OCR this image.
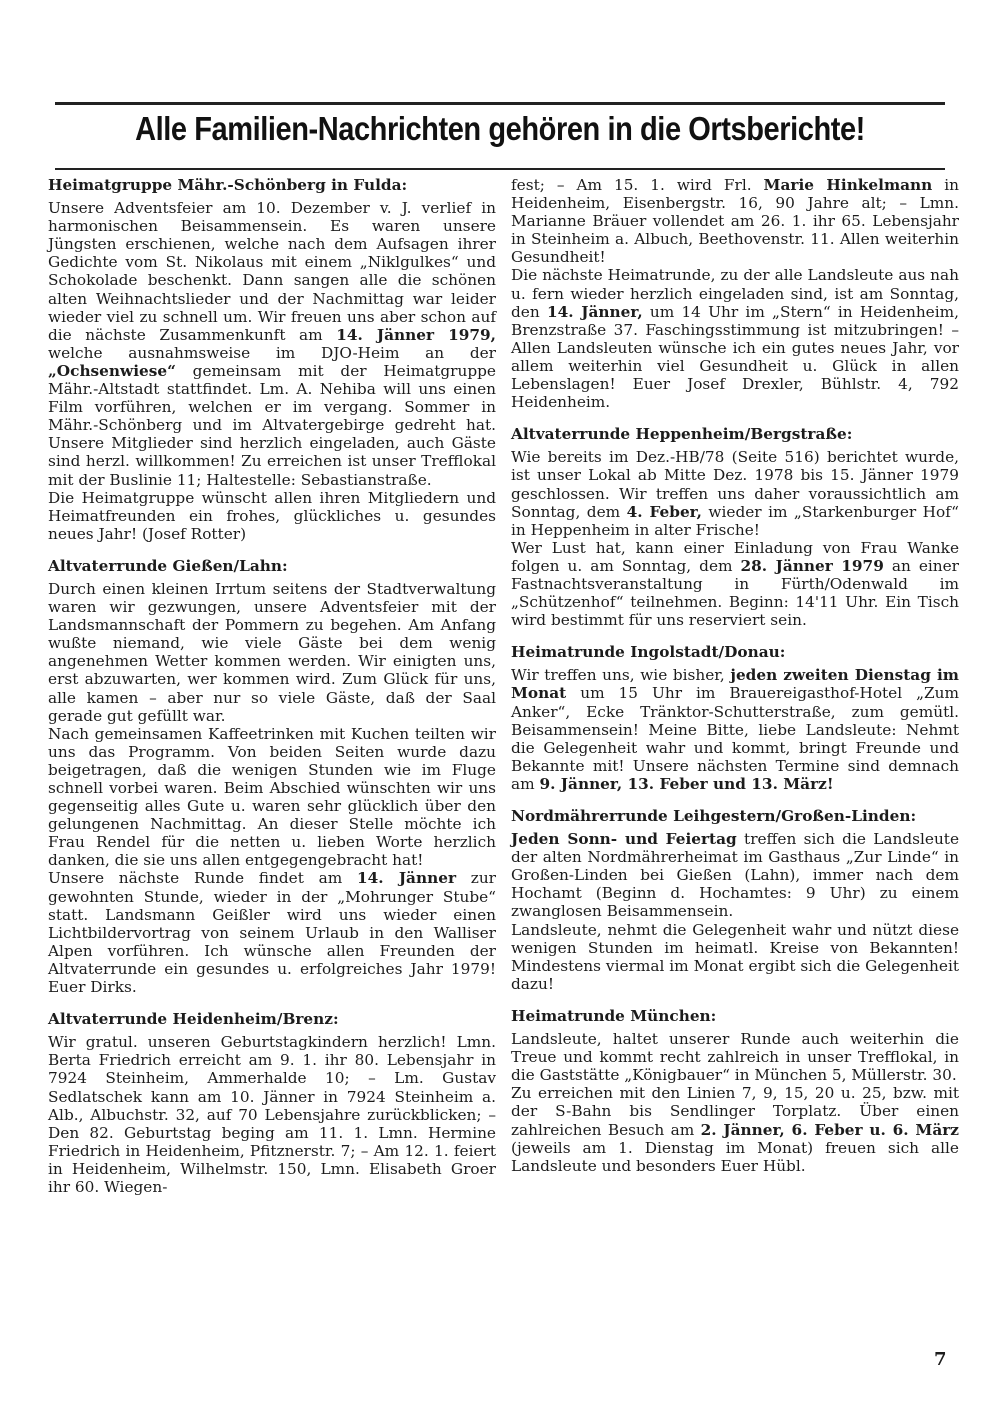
Alle Familien-Nachrichten gehören in die Ortsberichte!
Heimatgruppe Mähr.-Schönberg in Fulda:

Unsere Adventsfeier am 10. Dezember v. J. verlief in harmonischen Beisammensein. Es waren unsere Jüngsten erschienen, welche nach dem Aufsagen ihrer Gedichte vom St. Nikolaus mit einem „Niklgulkes“ und Schokolade beschenkt. Dann sangen alle die schönen alten Weihnachtslieder und der Nachmittag war leider wieder viel zu schnell um. Wir freuen uns aber schon auf die nächste Zusammenkunft am 14. Jänner 1979, welche ausnahmsweise im DJO-Heim an der „Ochsenwiese“ gemeinsam mit der Heimatgruppe Mähr.-Altstadt stattfindet. Lm. A. Nehiba will uns einen Film vorführen, welchen er im vergang. Sommer in Mähr.-Schönberg und im Altvatergebirge gedreht hat. Unsere Mitglieder sind herzlich eingeladen, auch Gäste sind herzl. willkommen! Zu erreichen ist unser Trefflokal mit der Buslinie 11; Haltestelle: Sebastianstraße.

Die Heimatgruppe wünscht allen ihren Mitgliedern und Heimatfreunden ein frohes, glückliches u. gesundes neues Jahr! (Josef Rotter)

Altvaterrunde Gießen/Lahn:

Durch einen kleinen Irrtum seitens der Stadtverwaltung waren wir gezwungen, unsere Adventsfeier mit der Landsmannschaft der Pommern zu begehen. Am Anfang wußte niemand, wie viele Gäste bei dem wenig angenehmen Wetter kommen werden. Wir einigten uns, erst abzuwarten, wer kommen wird. Zum Glück für uns, alle kamen – aber nur so viele Gäste, daß der Saal gerade gut gefüllt war.

Nach gemeinsamen Kaffeetrinken mit Kuchen teilten wir uns das Programm. Von beiden Seiten wurde dazu beigetragen, daß die wenigen Stunden wie im Fluge schnell vorbei waren. Beim Abschied wünschten wir uns gegenseitig alles Gute u. waren sehr glücklich über den gelungenen Nachmittag. An dieser Stelle möchte ich Frau Rendel für die netten u. lieben Worte herzlich danken, die sie uns allen entgegengebracht hat!

Unsere nächste Runde findet am 14. Jänner zur gewohnten Stunde, wieder in der „Mohrunger Stube“ statt. Landsmann Geißler wird uns wieder einen Lichtbildervortrag von seinem Urlaub in den Walliser Alpen vorführen. Ich wünsche allen Freunden der Altvaterrunde ein gesundes u. erfolgreiches Jahr 1979! Euer Dirks.

Altvaterrunde Heidenheim/Brenz:

Wir gratul. unseren Geburtstagkindern herzlich! Lmn. Berta Friedrich erreicht am 9. 1. ihr 80. Lebensjahr in 7924 Steinheim, Ammerhalde 10; – Lm. Gustav Sedlatschek kann am 10. Jänner in 7924 Steinheim a. Alb., Albuchstr. 32, auf 70 Lebensjahre zurückblicken; – Den 82. Geburtstag beging am 11. 1. Lmn. Hermine Friedrich in Heidenheim, Pfitznerstr. 7; – Am 12. 1. feiert in Heidenheim, Wilhelmstr. 150, Lmn. Elisabeth Groer ihr 60. Wiegen-

fest; – Am 15. 1. wird Frl. Marie Hinkelmann in Heidenheim, Eisenbergstr. 16, 90 Jahre alt; – Lmn. Marianne Bräuer vollendet am 26. 1. ihr 65. Lebensjahr in Steinheim a. Albuch, Beethovenstr. 11. Allen weiterhin Gesundheit!

Die nächste Heimatrunde, zu der alle Landsleute aus nah u. fern wieder herzlich eingeladen sind, ist am Sonntag, den 14. Jänner, um 14 Uhr im „Stern“ in Heidenheim, Brenzstraße 37. Faschingsstimmung ist mitzubringen! – Allen Landsleuten wünsche ich ein gutes neues Jahr, vor allem weiterhin viel Gesundheit u. Glück in allen Lebenslagen! Euer Josef Drexler, Bühlstr. 4, 792 Heidenheim.

Altvaterrunde Heppenheim/Bergstraße:

Wie bereits im Dez.-HB/78 (Seite 516) berichtet wurde, ist unser Lokal ab Mitte Dez. 1978 bis 15. Jänner 1979 geschlossen. Wir treffen uns daher voraussichtlich am Sonntag, dem 4. Feber, wieder im „Starkenburger Hof“ in Heppenheim in alter Frische!

Wer Lust hat, kann einer Einladung von Frau Wanke folgen u. am Sonntag, dem 28. Jänner 1979 an einer Fastnachtsveranstaltung in Fürth/Odenwald im „Schützenhof“ teilnehmen. Beginn: 14'11 Uhr. Ein Tisch wird bestimmt für uns reserviert sein.

Heimatrunde Ingolstadt/Donau:

Wir treffen uns, wie bisher, jeden zweiten Dienstag im Monat um 15 Uhr im Brauereigasthof-Hotel „Zum Anker“, Ecke Tränktor-Schutterstraße, zum gemütl. Beisammensein! Meine Bitte, liebe Landsleute: Nehmt die Gelegenheit wahr und kommt, bringt Freunde und Bekannte mit! Unsere nächsten Termine sind demnach am 9. Jänner, 13. Feber und 13. März!

Nordmährerrunde Leihgestern/Großen-Linden:

Jeden Sonn- und Feiertag treffen sich die Landsleute der alten Nordmährerheimat im Gasthaus „Zur Linde“ in Großen-Linden bei Gießen (Lahn), immer nach dem Hochamt (Beginn d. Hochamtes: 9 Uhr) zu einem zwanglosen Beisammensein.

Landsleute, nehmt die Gelegenheit wahr und nützt diese wenigen Stunden im heimatl. Kreise von Bekannten! Mindestens viermal im Monat ergibt sich die Gelegenheit dazu!

Heimatrunde München:

Landsleute, haltet unserer Runde auch weiterhin die Treue und kommt recht zahlreich in unser Trefflokal, in die Gaststätte „Königbauer“ in München 5, Müllerstr. 30.

Zu erreichen mit den Linien 7, 9, 15, 20 u. 25, bzw. mit der S-Bahn bis Sendlinger Torplatz. Über einen zahlreichen Besuch am 2. Jänner, 6. Feber u. 6. März (jeweils am 1. Dienstag im Monat) freuen sich alle Landsleute und besonders Euer Hübl.

7
